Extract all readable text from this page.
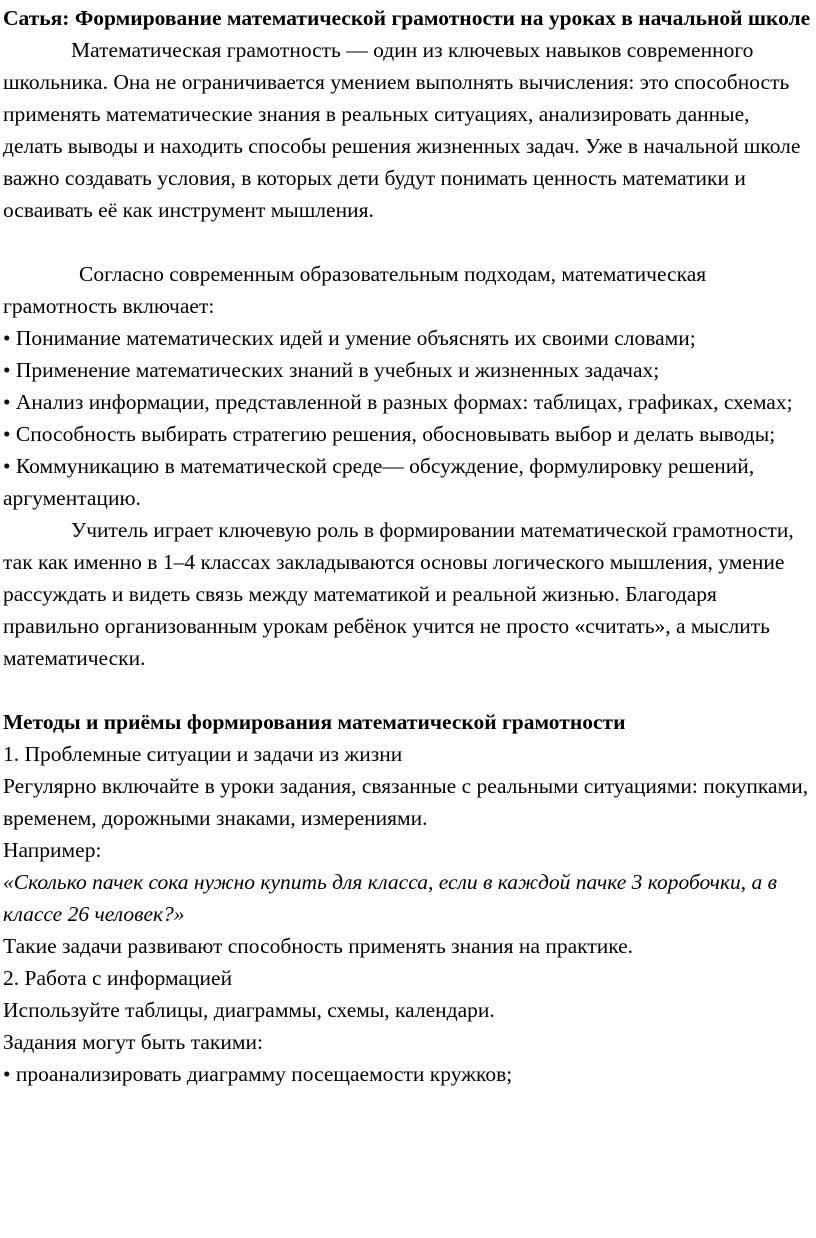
Сатья: Формирование математической грамотности на уроках в начальной школе

Математическая грамотность — один из ключевых навыков современного школьника. Она не ограничивается умением выполнять вычисления: это способность применять математические знания в реальных ситуациях, анализировать данные, делать выводы и находить способы решения жизненных задач. Уже в начальной школе важно создавать условия, в которых дети будут понимать ценность математики и осваивать её как инструмент мышления.

Согласно современным образовательным подходам, математическая грамотность включает:

• Понимание математических идей и умение объяснять их своими словами;

• Применение математических знаний в учебных и жизненных задачах;

• Анализ информации, представленной в разных формах: таблицах, графиках, схемах;

• Способность выбирать стратегию решения, обосновывать выбор и делать выводы;

• Коммуникацию в математической среде— обсуждение, формулировку решений, аргументацию.

Учитель играет ключевую роль в формировании математической грамотности, так как именно в 1–4 классах закладываются основы логического мышления, умение рассуждать и видеть связь между математикой и реальной жизнью. Благодаря правильно организованным урокам ребёнок учится не просто «считать», а мыслить математически.

Методы и приёмы формирования математической грамотности

1. Проблемные ситуации и задачи из жизни

Регулярно включайте в уроки задания, связанные с реальными ситуациями: покупками, временем, дорожными знаками, измерениями.

Например:

«Сколько пачек сока нужно купить для класса, если в каждой пачке 3 коробочки, а в классе 26 человек?»

Такие задачи развивают способность применять знания на практике.

2. Работа с информацией

Используйте таблицы, диаграммы, схемы, календари.

Задания могут быть такими:

• проанализировать диаграмму посещаемости кружков;
